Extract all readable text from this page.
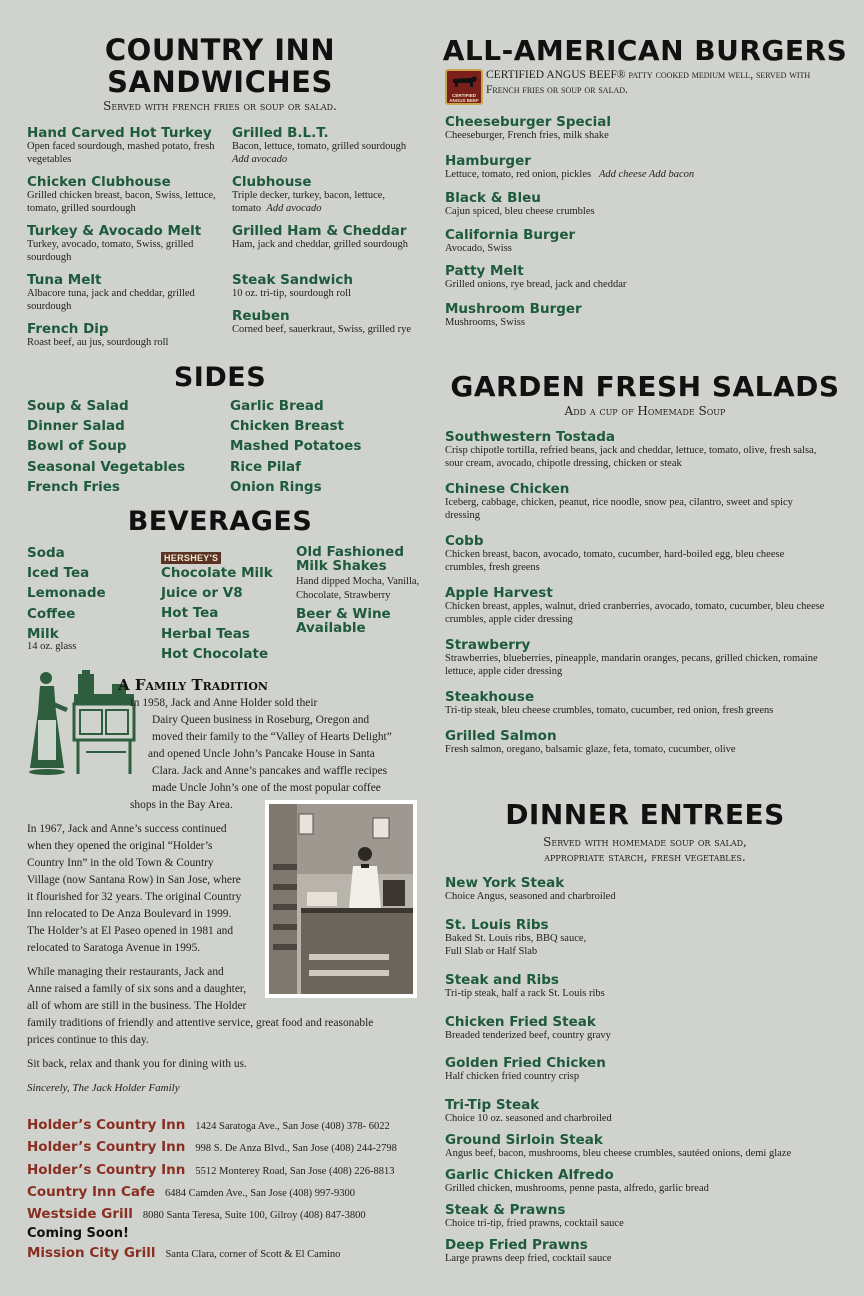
COUNTRY INN
SANDWICHES
Served with french fries or soup or salad.
Hand Carved Hot Turkey
Open faced sourdough, mashed potato, fresh vegetables
Chicken Clubhouse
Grilled chicken breast, bacon, Swiss, lettuce, tomato, grilled sourdough
Turkey & Avocado Melt
Turkey, avocado, tomato, Swiss, grilled sourdough
Tuna Melt
Albacore tuna, jack and cheddar, grilled sourdough
French Dip
Roast beef, au jus, sourdough roll
Grilled B.L.T.
Bacon, lettuce, tomato, grilled sourdough  Add avocado
Clubhouse
Triple decker, turkey, bacon, lettuce, tomato Add avocado
Grilled Ham & Cheddar
Ham, jack and cheddar, grilled sourdough
Steak Sandwich
10 oz. tri-tip, sourdough roll
Reuben
Corned beef, sauerkraut, Swiss, grilled rye
SIDES
Soup & Salad
Dinner Salad
Bowl of Soup
Seasonal Vegetables
French Fries
Garlic Bread
Chicken Breast
Mashed Potatoes
Rice Pilaf
Onion Rings
BEVERAGES
Soda
Iced Tea
Lemonade
Coffee
Milk
14 oz. glass
HERSHEY'S
Chocolate Milk
Juice or V8
Hot Tea
Herbal Teas
Hot Chocolate
Old Fashioned
Milk Shakes
Hand dipped Mocha, Vanilla, Chocolate, Strawberry
Beer & Wine
Available
A Family Tradition
In 1958, Jack and Anne Holder sold their
Dairy Queen business in Roseburg, Oregon and
moved their family to the “Valley of Hearts Delight”
and opened Uncle John’s Pancake House in Santa
Clara. Jack and Anne’s pancakes and waffle recipes
made Uncle John’s one of the most popular coffee
shops in the Bay Area.
In 1967, Jack and Anne’s success continued
when they opened the original “Holder’s
Country Inn” in the old Town & Country
Village (now Santana Row) in San Jose, where
it flourished for 32 years. The original Country
Inn relocated to De Anza Boulevard in 1999.
The Holder’s at El Paseo opened in 1981 and
relocated to Saratoga Avenue in 1995.
While managing their restaurants, Jack and
Anne raised a family of six sons and a daughter,
all of whom are still in the business. The Holder
family traditions of friendly and attentive service, great food and reasonable
prices continue to this day.
Sit back, relax and thank you for dining with us.
Sincerely, The Jack Holder Family
Holder’s Country Inn 1424 Saratoga Ave., San Jose (408) 378- 6022
Holder’s Country Inn 998 S. De Anza Blvd., San Jose (408) 244-2798
Holder’s Country Inn 5512 Monterey Road, San Jose (408) 226-8813
Country Inn Cafe 6484 Camden Ave., San Jose (408) 997-9300
Westside Grill 8080 Santa Teresa, Suite 100, Gilroy (408) 847-3800
Coming Soon!
Mission City Grill Santa Clara, corner of Scott & El Camino
ALL-AMERICAN BURGERS
CERTIFIED ANGUS BEEF
CERTIFIED ANGUS BEEF® patty cooked medium well, served with
French fries or soup or salad.
Cheeseburger Special
Cheeseburger, French fries, milk shake
Hamburger
Lettuce, tomato, red onion, pickles Add cheese Add bacon
Black & Bleu
Cajun spiced, bleu cheese crumbles
California Burger
Avocado, Swiss
Patty Melt
Grilled onions, rye bread, jack and cheddar
Mushroom Burger
Mushrooms, Swiss
GARDEN FRESH SALADS
Add a cup of Homemade Soup
Southwestern Tostada
Crisp chipotle tortilla, refried beans, jack and cheddar, lettuce, tomato, olive, fresh salsa, sour cream, avocado, chipotle dressing, chicken or steak
Chinese Chicken
Iceberg, cabbage, chicken, peanut, rice noodle, snow pea, cilantro, sweet and spicy dressing
Cobb
Chicken breast, bacon, avocado, tomato, cucumber, hard-boiled egg, bleu cheese crumbles, fresh greens
Apple Harvest
Chicken breast, apples, walnut, dried cranberries, avocado, tomato, cucumber, bleu cheese crumbles, apple cider dressing
Strawberry
Strawberries, blueberries, pineapple, mandarin oranges, pecans, grilled chicken, romaine lettuce, apple cider dressing
Steakhouse
Tri-tip steak, bleu cheese crumbles, tomato, cucumber, red onion, fresh greens
Grilled Salmon
Fresh salmon, oregano, balsamic glaze, feta, tomato, cucumber, olive
DINNER ENTREES
Served with homemade soup or salad,
appropriate starch, fresh vegetables.
New York Steak
Choice Angus, seasoned and charbroiled
St. Louis Ribs
Baked St. Louis ribs, BBQ sauce, Full Slab or Half Slab
Steak and Ribs
Tri-tip steak, half a rack St. Louis ribs
Chicken Fried Steak
Breaded tenderized beef, country gravy
Golden Fried Chicken
Half chicken fried country crisp
Tri-Tip Steak
Choice 10 oz. seasoned and charbroiled
Ground Sirloin Steak
Angus beef, bacon, mushrooms, bleu cheese crumbles, sautéed onions, demi glaze
Garlic Chicken Alfredo
Grilled chicken, mushrooms, penne pasta, alfredo, garlic bread
Steak & Prawns
Choice tri-tip, fried prawns, cocktail sauce
Deep Fried Prawns
Large prawns deep fried, cocktail sauce
